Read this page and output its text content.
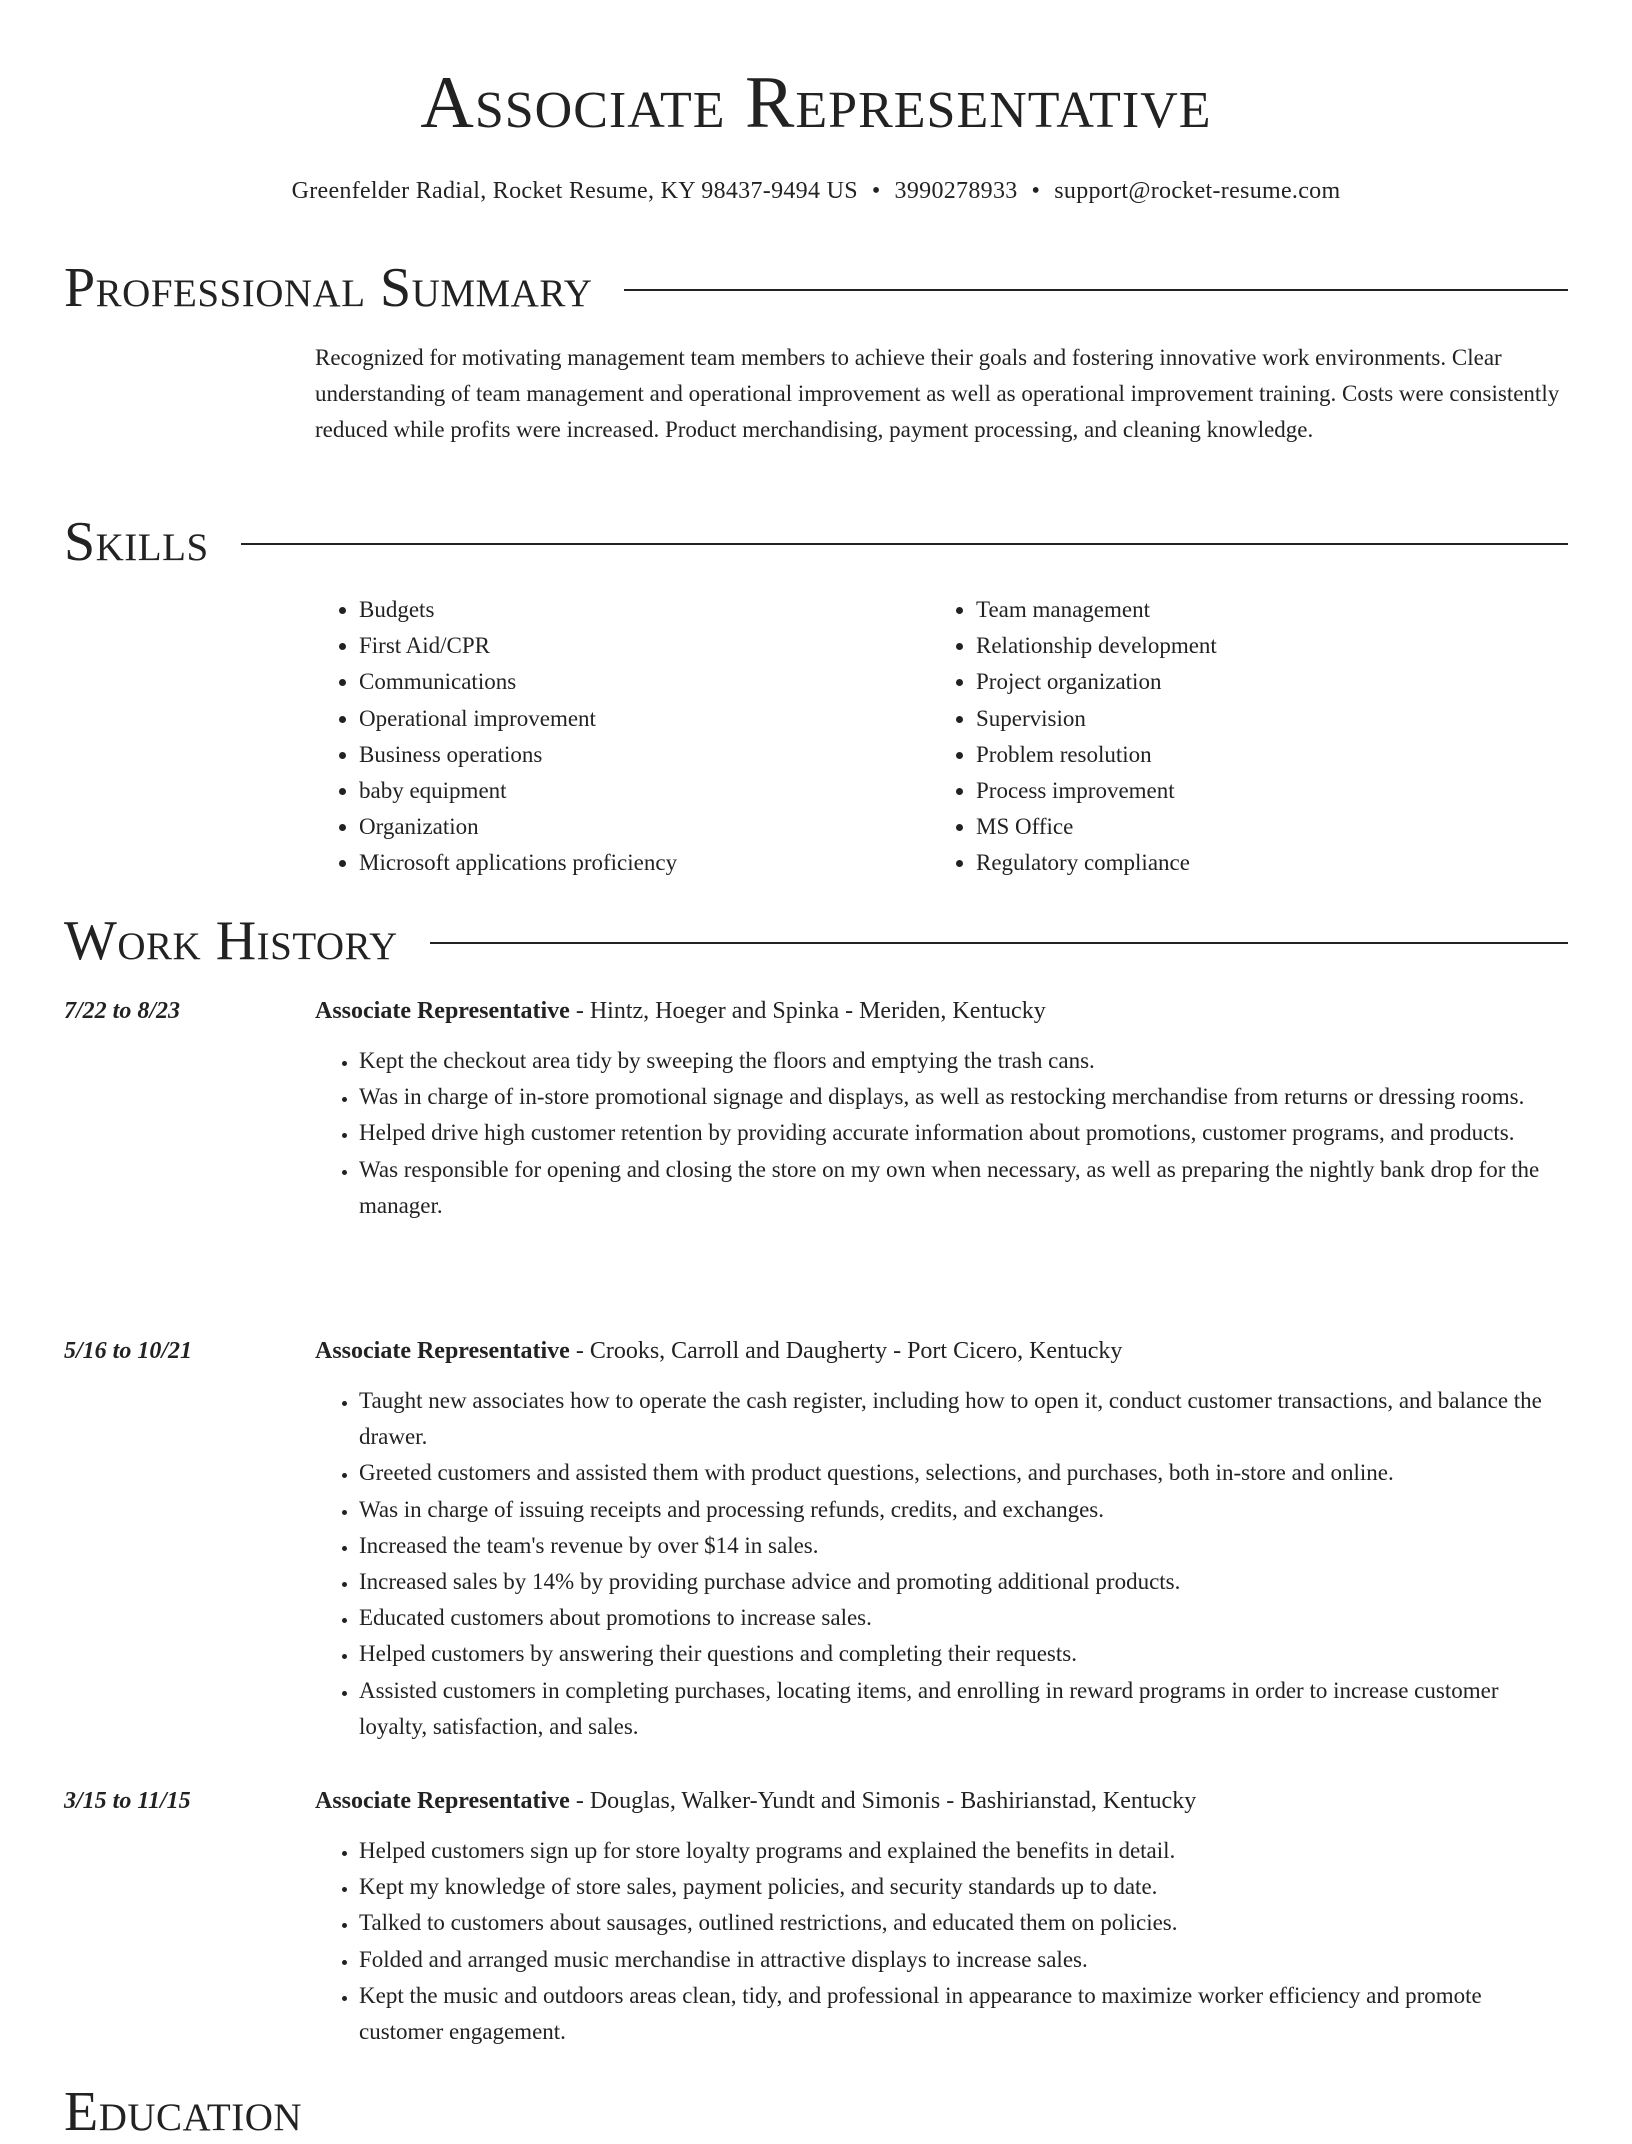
Associate Representative
Greenfelder Radial, Rocket Resume, KY 98437-9494 US • 3990278933 • support@rocket-resume.com
Professional Summary
Recognized for motivating management team members to achieve their goals and fostering innovative work environments. Clear understanding of team management and operational improvement as well as operational improvement training. Costs were consistently reduced while profits were increased. Product merchandising, payment processing, and cleaning knowledge.
Skills
• Budgets
• First Aid/CPR
• Communications
• Operational improvement
• Business operations
• baby equipment
• Organization
• Microsoft applications proficiency
• Team management
• Relationship development
• Project organization
• Supervision
• Problem resolution
• Process improvement
• MS Office
• Regulatory compliance
Work History
7/22 to 8/23	Associate Representative - Hintz, Hoeger and Spinka - Meriden, Kentucky
• Kept the checkout area tidy by sweeping the floors and emptying the trash cans.
• Was in charge of in-store promotional signage and displays, as well as restocking merchandise from returns or dressing rooms.
• Helped drive high customer retention by providing accurate information about promotions, customer programs, and products.
• Was responsible for opening and closing the store on my own when necessary, as well as preparing the nightly bank drop for the manager.
5/16 to 10/21	Associate Representative - Crooks, Carroll and Daugherty - Port Cicero, Kentucky
• Taught new associates how to operate the cash register, including how to open it, conduct customer transactions, and balance the drawer.
• Greeted customers and assisted them with product questions, selections, and purchases, both in-store and online.
• Was in charge of issuing receipts and processing refunds, credits, and exchanges.
• Increased the team's revenue by over $14 in sales.
• Increased sales by 14% by providing purchase advice and promoting additional products.
• Educated customers about promotions to increase sales.
• Helped customers by answering their questions and completing their requests.
• Assisted customers in completing purchases, locating items, and enrolling in reward programs in order to increase customer loyalty, satisfaction, and sales.
3/15 to 11/15	Associate Representative - Douglas, Walker-Yundt and Simonis - Bashirianstad, Kentucky
• Helped customers sign up for store loyalty programs and explained the benefits in detail.
• Kept my knowledge of store sales, payment policies, and security standards up to date.
• Talked to customers about sausages, outlined restrictions, and educated them on policies.
• Folded and arranged music merchandise in attractive displays to increase sales.
• Kept the music and outdoors areas clean, tidy, and professional in appearance to maximize worker efficiency and promote customer engagement.
Education
